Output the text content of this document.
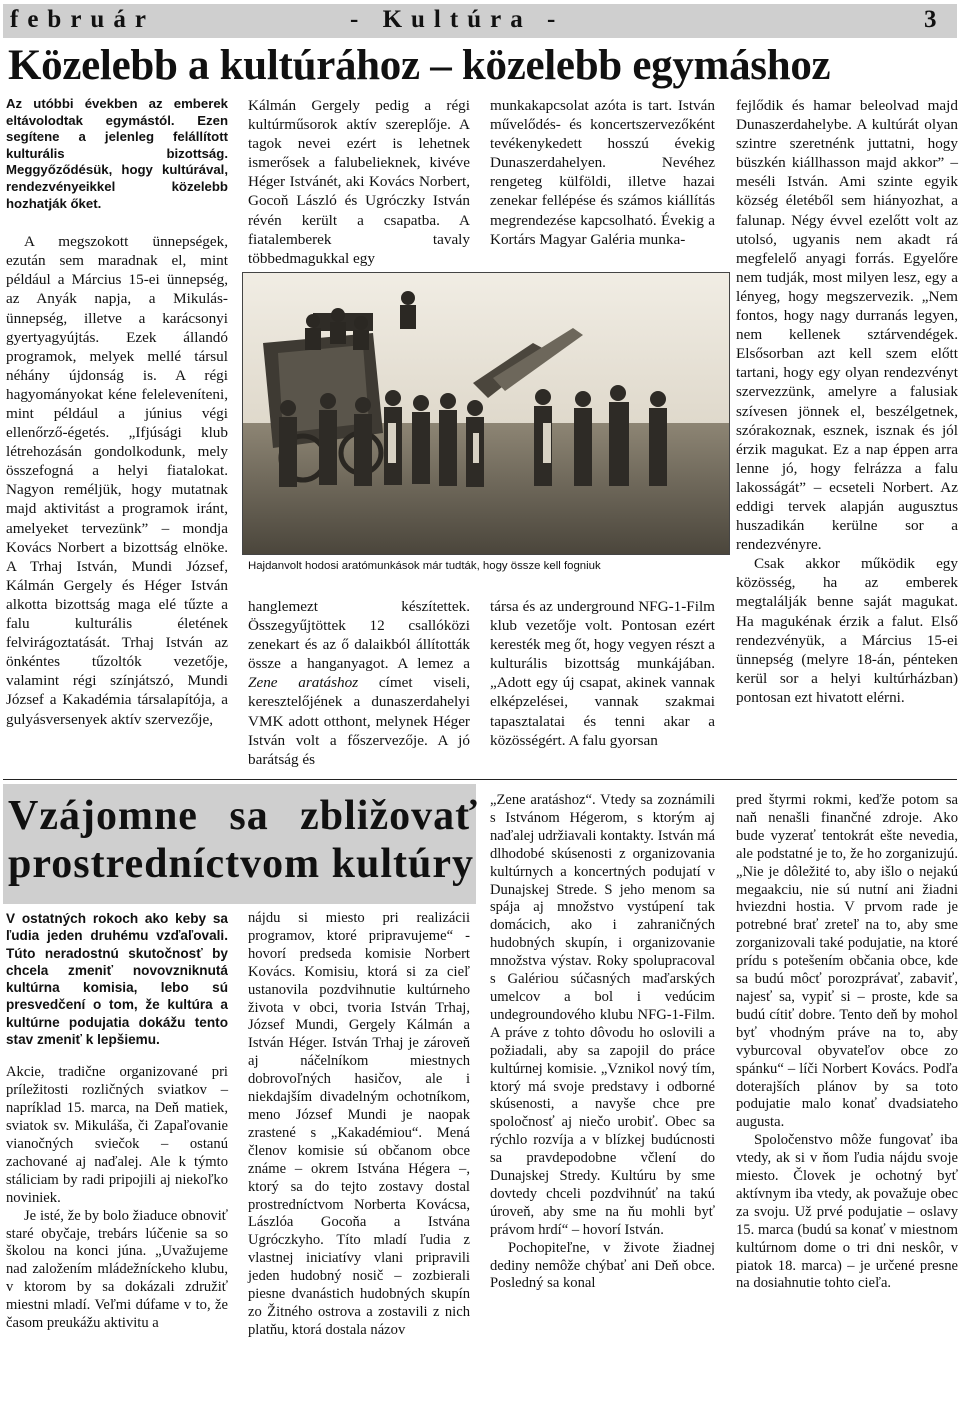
február	- Kultúra -	3
Közelebb a kultúrához – közelebb egymáshoz

Az utóbbi években az emberek eltávolodtak egymástól. Ezen segítene a jelenleg felállított kulturális bizottság. Meggyőződésük, hogy kultúrával, rendezvényeikkel közelebb hozhatják őket.

A megszokott ünnepségek, ezután sem maradnak el, mint például a Március 15-ei ünnepség, az Anyák napja, a Mikulás-ünnepség, illetve a karácsonyi gyertyagyújtás. Ezek állandó programok, melyek mellé társul néhány újdonság is. A régi hagyományokat kéne feleleveníteni, mint például a június végi ellenőrző-égetés. „Ifjúsági klub létrehozásán gondolkodunk, mely összefogná a helyi fiatalokat. Nagyon reméljük, hogy mutatnak majd aktivitást a programok iránt, amelyeket tervezünk” – mondja Kovács Norbert a bizottság elnöke. A Trhaj István, Mundi József, Kálmán Gergely és Héger István alkotta bizottság maga elé tűzte a falu kulturális életének felvirágoztatását. Trhaj István az önkéntes tűzoltók vezetője, valamint régi színjátszó, Mundi József a Kakadémia társalapítója, a gulyásversenyek aktív szervezője,

Kálmán Gergely pedig a régi kultúrműsorok aktív szereplője. A tagok nevei ezért is lehetnek ismerősek a falubelieknek, kivéve Héger Istvánét, aki Kovács Norbert, Gocoň László és Ugróczky István révén került a csapatba. A fiatalemberek tavaly többedmagukkal egy

munkakapcsolat azóta is tart. István művelődés- és koncertszervezőként tevékenykedett hosszú évekig Dunaszerdahelyen. Nevéhez rengeteg külföldi, illetve hazai zenekar fellépése és számos kiállítás megrendezése kapcsolható. Évekig a Kortárs Magyar Galéria munka-

fejlődik és hamar beleolvad majd Dunaszerdahelybe. A kultúrát olyan szintre szeretnénk juttatni, hogy büszkén kiállhasson majd akkor” – meséli István. Ami szinte egyik község életéből sem hiányozhat, a falunap. Négy évvel ezelőtt volt az utolsó, ugyanis nem akadt rá megfelelő anyagi forrás. Egyelőre nem tudják, most milyen lesz, egy a lényeg, hogy megszervezik. „Nem fontos, hogy nagy durranás legyen, nem kellenek sztárvendégek. Elsősorban azt kell szem előtt tartani, hogy egy olyan rendezvényt szervezzünk, amelyre a falusiak szívesen jönnek el, beszélgetnek, szórakoznak, esznek, isznak és jól érzik magukat. Ez a nap éppen arra lenne jó, hogy felrázza a falu lakosságát” – ecseteli Norbert. Az eddigi tervek alapján augusztus huszadikán kerülne sor a rendezvényre.

Csak akkor működik egy közösség, ha az emberek megtalálják benne saját magukat. Ha magukénak érzik a falut. Első rendezvényük, a Március 15-ei ünnepség (melyre 18-án, pénteken kerül sor a helyi kultúrházban) pontosan ezt hivatott elérni.

Hajdanvolt hodosi aratómunkások már tudták, hogy össze kell fogniuk

hanglemezt készítettek. Összegyűjtöttek 12 csallóközi zenekart és az ő dalaikból állították össze a hanganyagot. A lemez a Zene aratáshoz címet viseli, keresztelőjének a dunaszerdahelyi VMK adott otthont, melynek Héger István volt a főszervezője. A jó barátság és

társa és az underground NFG-1-Film klub vezetője volt. Pontosan ezért keresték meg őt, hogy vegyen részt a kulturális bizottság munkájában. „Adott egy új csapat, akinek vannak elképzelései, vannak szakmai tapasztalatai és tenni akar a közösségért. A falu gyorsan

Vzájomne sa zbližovať
prostredníctvom kultúry

V ostatných rokoch ako keby sa ľudia jeden druhému vzďaľovali. Túto neradostnú skutočnosť by chcela zmeniť novovzniknutá kultúrna komisia, lebo sú presvedčení o tom, že kultúra a kultúrne podujatia dokážu tento stav zmeniť k lepšiemu.

Akcie, tradične organizované pri príležitosti rozličných sviatkov – napríklad 15. marca, na Deň matiek, sviatok sv. Mikuláša, či Zapaľovanie vianočných sviečok – ostanú zachované aj naďalej. Ale k týmto stáliciam by radi pripojili aj niekoľko noviniek.

Je isté, že by bolo žiaduce obnoviť staré obyčaje, trebárs lúčenie sa so školou na konci júna. „Uvažujeme nad založením mládežníckeho klubu, v ktorom by sa dokázali združiť miestni mladí. Veľmi dúfame v to, že časom preukážu aktivitu a

nájdu si miesto pri realizácii programov, ktoré pripravujeme“ - hovorí predseda komisie Norbert Kovács. Komisiu, ktorá si za cieľ ustanovila pozdvihnutie kultúrneho života v obci, tvoria István Trhaj, József Mundi, Gergely Kálmán a István Héger. István Trhaj je zároveň aj náčelníkom miestnych dobrovoľných hasičov, ale i niekdajším divadelným ochotníkom, meno József Mundi je naopak zrastené s „Kakadémiou“. Mená členov komisie sú občanom obce známe – okrem Istvána Hégera –, ktorý sa do tejto zostavy dostal prostredníctvom Norberta Kovácsa, Lászlóa Gocoňa a Istvána Ugróczkyho. Títo mladí ľudia z vlastnej iniciatívy vlani pripravili jeden hudobný nosič – zozbierali piesne dvanástich hudobných skupín zo Žitného ostrova a zostavili z nich platňu, ktorá dostala názov

„Zene aratáshoz“. Vtedy sa zoznámili s Istvánom Hégerom, s ktorým aj naďalej udržiavali kontakty. István má dlhodobé skúsenosti z organizovania kultúrnych a koncertných podujatí v Dunajskej Strede. S jeho menom sa spája aj množstvo vystúpení tak domácich, ako i zahraničných hudobných skupín, i organizovanie množstva výstav. Roky spolupracoval s Galériou súčasných maďarských umelcov a bol i vedúcim undegroundového klubu NFG-1-Film. A práve z tohto dôvodu ho oslovili a požiadali, aby sa zapojil do práce kultúrnej komisie. „Vznikol nový tím, ktorý má svoje predstavy i odborné skúsenosti, a navyše chce pre spoločnosť aj niečo urobiť. Obec sa rýchlo rozvíja a v blízkej budúcnosti sa pravdepodobne včlení do Dunajskej Stredy. Kultúru by sme dovtedy chceli pozdvihnúť na takú úroveň, aby sme na ňu mohli byť právom hrdí“ – hovorí István.

Pochopiteľne, v živote žiadnej dediny nemôže chýbať ani Deň obce. Posledný sa konal

pred štyrmi rokmi, keďže potom sa naň nenašli finančné zdroje. Ako bude vyzerať tentokrát ešte nevedia, ale podstatné je to, že ho zorganizujú. „Nie je dôležité to, aby išlo o nejakú megaakciu, nie sú nutní ani žiadni hviezdni hostia. V prvom rade je potrebné brať zreteľ na to, aby sme zorganizovali také podujatie, na ktoré prídu s potešením občania obce, kde sa budú môcť porozprávať, zabaviť, najesť sa, vypiť si – proste, kde sa budú cítiť dobre. Tento deň by mohol byť vhodným práve na to, aby vyburcoval obyvateľov obce zo spánku“ – líči Norbert Kovács. Podľa doterajších plánov by sa toto podujatie malo konať dvadsiateho augusta.

Spoločenstvo môže fungovať iba vtedy, ak si v ňom ľudia nájdu svoje miesto. Človek je ochotný byť aktívnym iba vtedy, ak považuje obec za svoju. Už prvé podujatie – oslavy 15. marca (budú sa konať v miestnom kultúrnom dome o tri dni neskôr, v piatok 18. marca) – je určené presne na dosiahnutie tohto cieľa.
